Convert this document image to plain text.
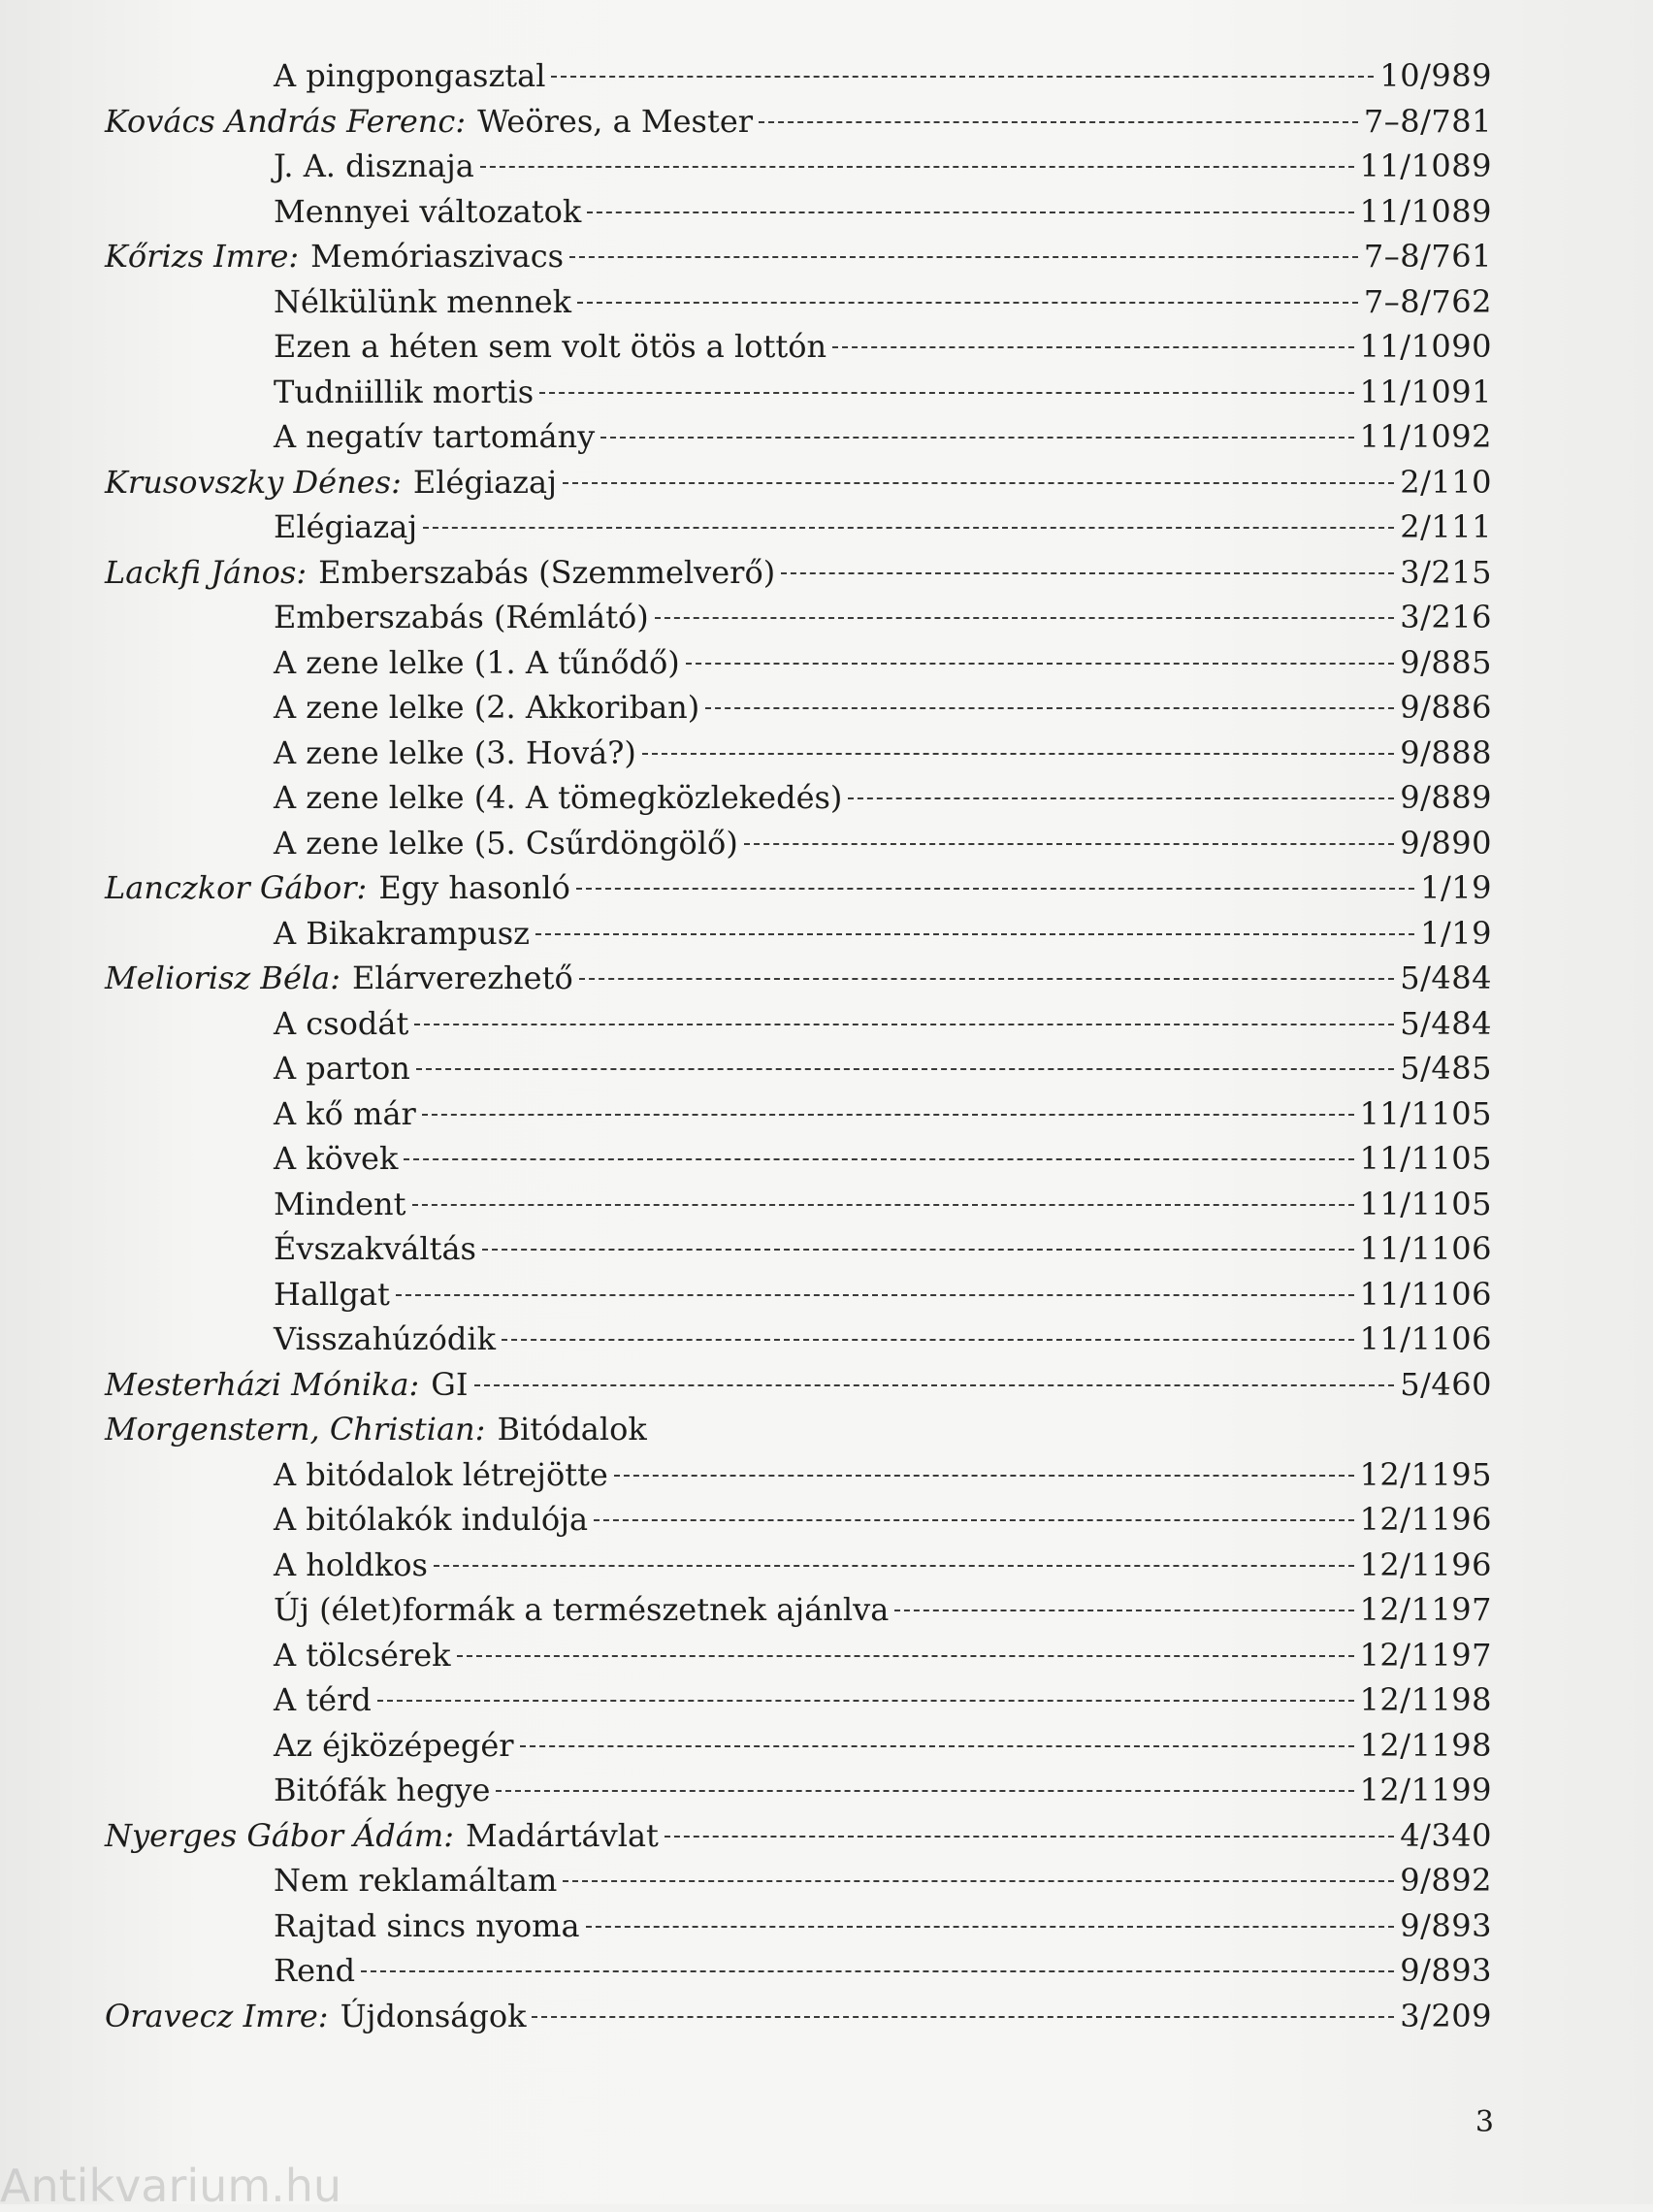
A pingpongasztal	10/989
Kovács András Ferenc: Weöres, a Mester	7–8/781
J. A. disznaja	11/1089
Mennyei változatok	11/1089
Kőrizs Imre: Memóriaszivacs	7–8/761
Nélkülünk mennek	7–8/762
Ezen a héten sem volt ötös a lottón	11/1090
Tudniillik mortis	11/1091
A negatív tartomány	11/1092
Krusovszky Dénes: Elégiazaj	2/110
Elégiazaj	2/111
Lackfi János: Emberszabás (Szemmelverő)	3/215
Emberszabás (Rémlátó)	3/216
A zene lelke (1. A tűnődő)	9/885
A zene lelke (2. Akkoriban)	9/886
A zene lelke (3. Hová?)	9/888
A zene lelke (4. A tömegközlekedés)	9/889
A zene lelke (5. Csűrdöngölő)	9/890
Lanczkor Gábor: Egy hasonló	1/19
A Bikakrampusz	1/19
Meliorisz Béla: Elárverezhető	5/484
A csodát	5/484
A parton	5/485
A kő már	11/1105
A kövek	11/1105
Mindent	11/1105
Évszakváltás	11/1106
Hallgat	11/1106
Visszahúzódik	11/1106
Mesterházi Mónika: GI	5/460
Morgenstern, Christian: Bitódalok
A bitódalok létrejötte	12/1195
A bitólakók indulója	12/1196
A holdkos	12/1196
Új (élet)formák a természetnek ajánlva	12/1197
A tölcsérek	12/1197
A térd	12/1198
Az éjközépegér	12/1198
Bitófák hegye	12/1199
Nyerges Gábor Ádám: Madártávlat	4/340
Nem reklamáltam	9/892
Rajtad sincs nyoma	9/893
Rend	9/893
Oravecz Imre: Újdonságok	3/209
3
Antikvarium.hu
